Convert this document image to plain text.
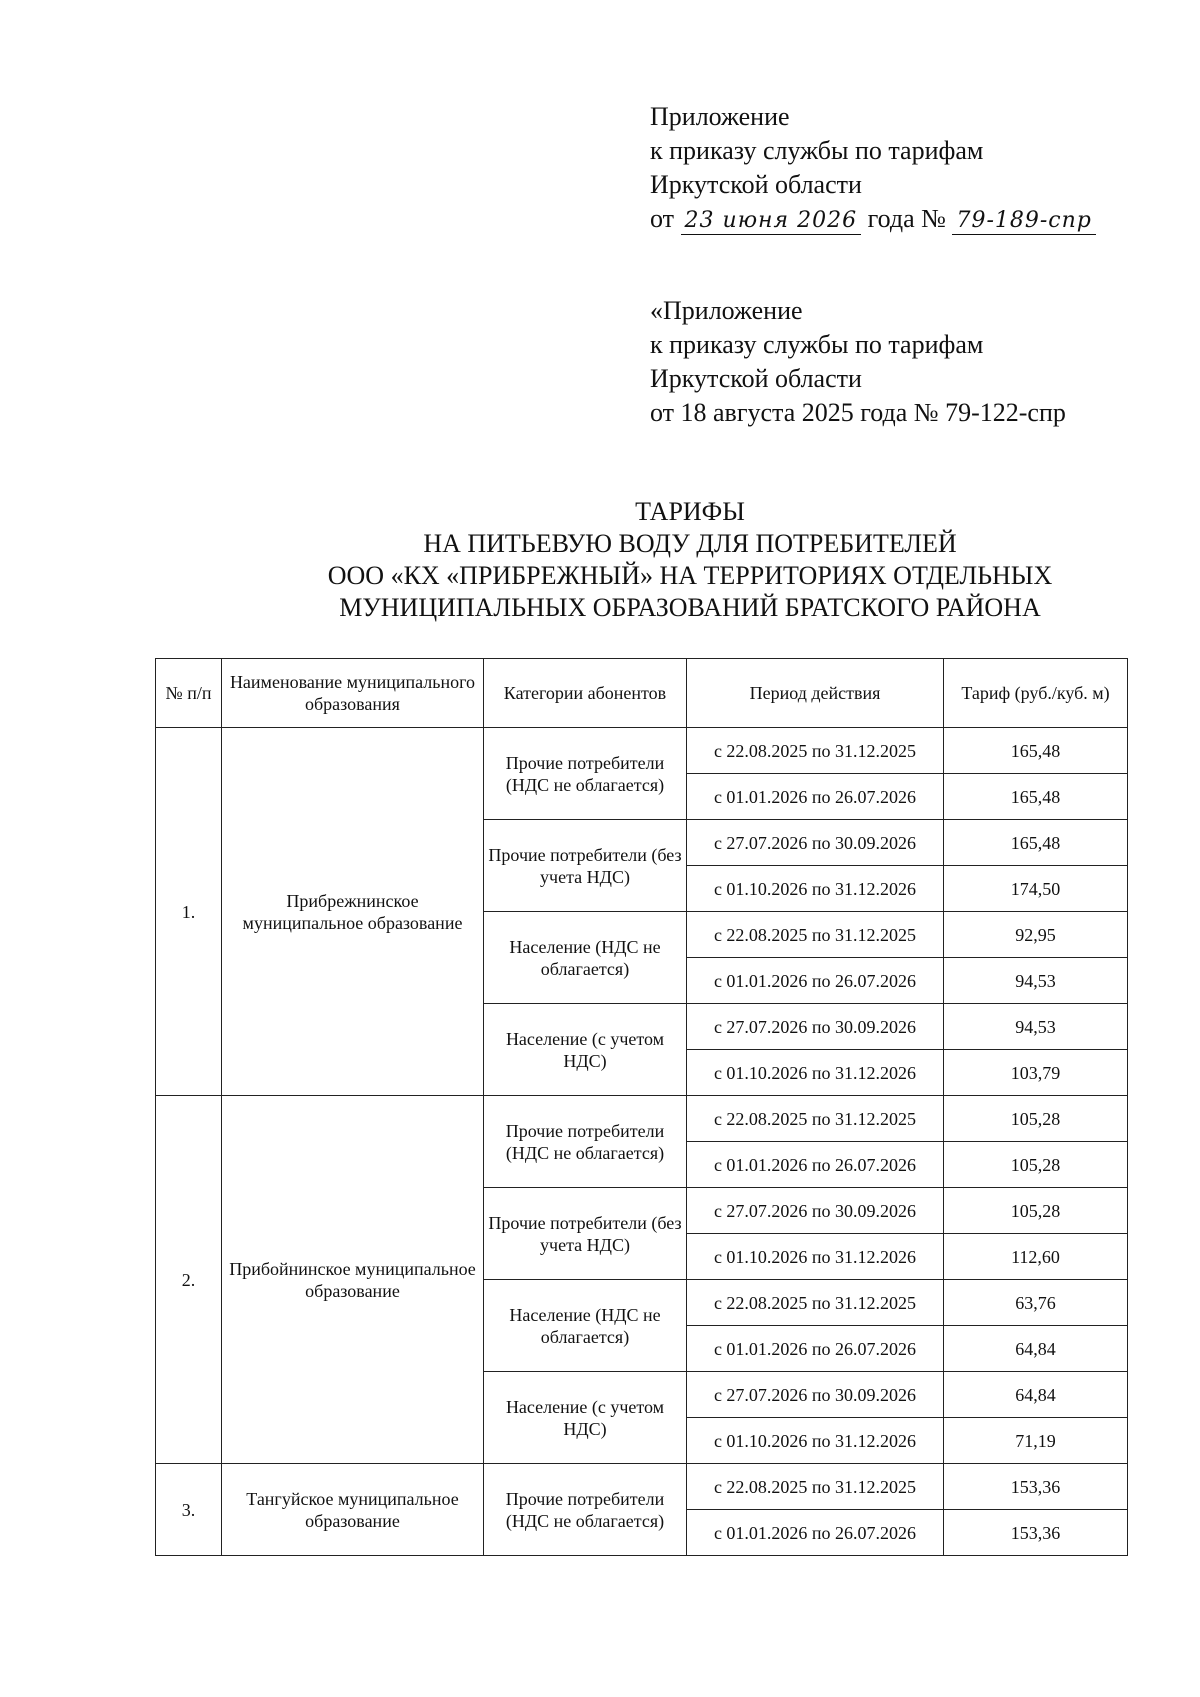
Приложение
к приказу службы по тарифам
Иркутской области
от 23 июня 2026 года № 79-189-спр
«Приложение
к приказу службы по тарифам
Иркутской области
от 18 августа 2025 года № 79-122-спр
ТАРИФЫ
НА ПИТЬЕВУЮ ВОДУ ДЛЯ ПОТРЕБИТЕЛЕЙ
ООО «КХ «ПРИБРЕЖНЫЙ» НА ТЕРРИТОРИЯХ ОТДЕЛЬНЫХ
МУНИЦИПАЛЬНЫХ ОБРАЗОВАНИЙ БРАТСКОГО РАЙОНА
№ п/п	Наименование муниципального образования	Категории абонентов	Период действия	Тариф (руб./куб. м)
1.	Прибрежнинское муниципальное образование	Прочие потребители (НДС не облагается)	с 22.08.2025 по 31.12.2025	165,48
			с 01.01.2026 по 26.07.2026	165,48
		Прочие потребители (без учета НДС)	с 27.07.2026 по 30.09.2026	165,48
			с 01.10.2026 по 31.12.2026	174,50
		Население (НДС не облагается)	с 22.08.2025 по 31.12.2025	92,95
			с 01.01.2026 по 26.07.2026	94,53
		Население (с учетом НДС)	с 27.07.2026 по 30.09.2026	94,53
			с 01.10.2026 по 31.12.2026	103,79
2.	Прибойнинское муниципальное образование	Прочие потребители (НДС не облагается)	с 22.08.2025 по 31.12.2025	105,28
			с 01.01.2026 по 26.07.2026	105,28
		Прочие потребители (без учета НДС)	с 27.07.2026 по 30.09.2026	105,28
			с 01.10.2026 по 31.12.2026	112,60
		Население (НДС не облагается)	с 22.08.2025 по 31.12.2025	63,76
			с 01.01.2026 по 26.07.2026	64,84
		Население (с учетом НДС)	с 27.07.2026 по 30.09.2026	64,84
			с 01.10.2026 по 31.12.2026	71,19
3.	Тангуйское муниципальное образование	Прочие потребители (НДС не облагается)	с 22.08.2025 по 31.12.2025	153,36
			с 01.01.2026 по 26.07.2026	153,36
